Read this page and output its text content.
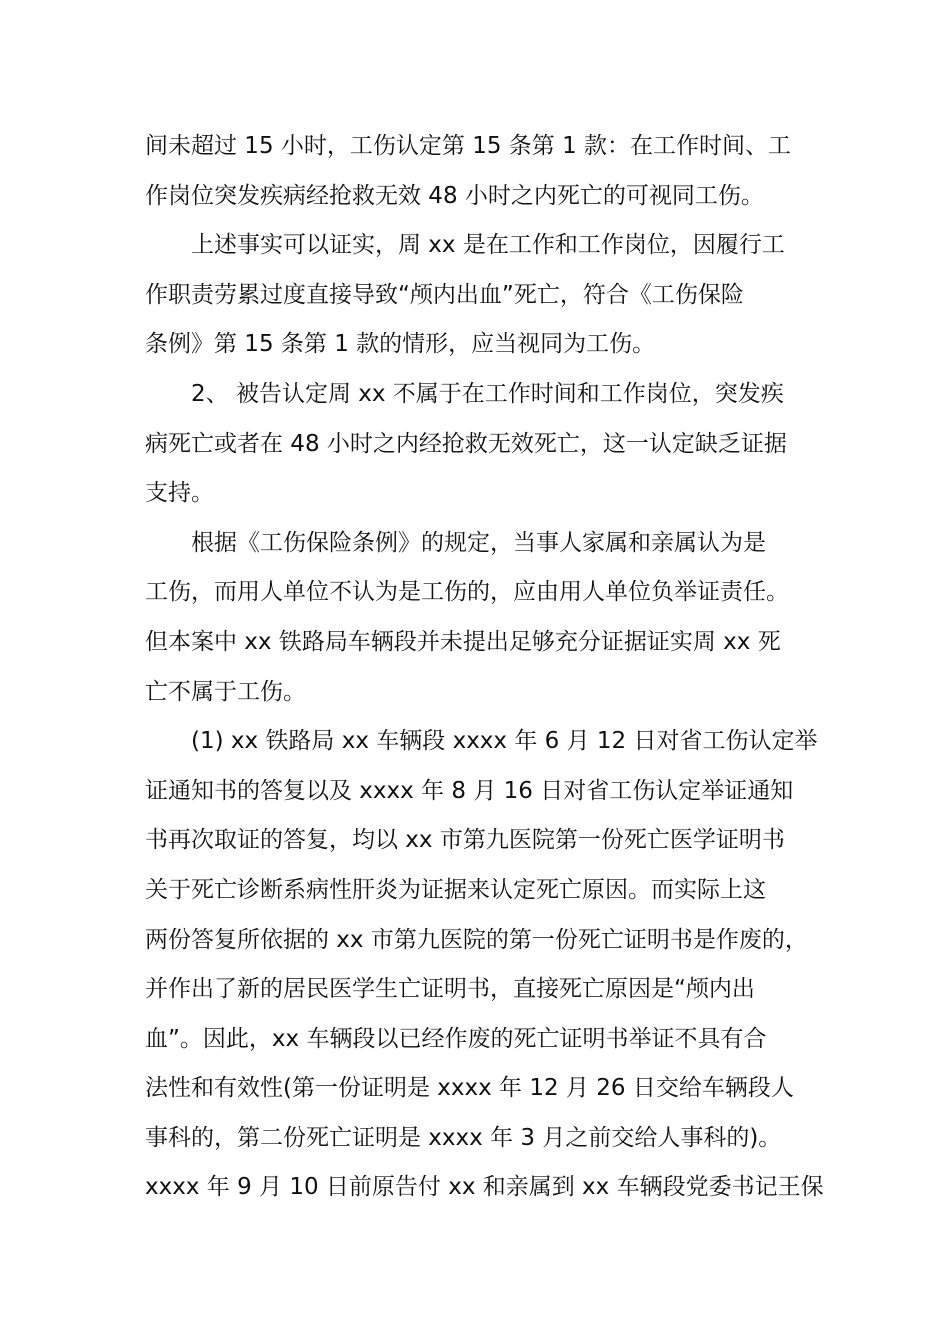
间未超过 15 小时，工伤认定第 15 条第 1 款：在工作时间、工
作岗位突发疾病经抢救无效 48 小时之内死亡的可视同工伤。
上述事实可以证实，周 xx 是在工作和工作岗位，因履行工
作职责劳累过度直接导致“颅内出血”死亡，符合《工伤保险
条例》第 15 条第 1 款的情形，应当视同为工伤。
2、 被告认定周 xx 不属于在工作时间和工作岗位，突发疾
病死亡或者在 48 小时之内经抢救无效死亡，这一认定缺乏证据
支持。
根据《工伤保险条例》的规定，当事人家属和亲属认为是
工伤，而用人单位不认为是工伤的，应由用人单位负举证责任。
但本案中 xx 铁路局车辆段并未提出足够充分证据证实周 xx 死
亡不属于工伤。
(1) xx 铁路局 xx 车辆段 xxxx 年 6 月 12 日对省工伤认定举
证通知书的答复以及 xxxx 年 8 月 16 日对省工伤认定举证通知
书再次取证的答复，均以 xx 市第九医院第一份死亡医学证明书
关于死亡诊断系病性肝炎为证据来认定死亡原因。而实际上这
两份答复所依据的 xx 市第九医院的第一份死亡证明书是作废的，
并作出了新的居民医学生亡证明书，直接死亡原因是“颅内出
血”。因此，xx 车辆段以已经作废的死亡证明书举证不具有合
法性和有效性(第一份证明是 xxxx 年 12 月 26 日交给车辆段人
事科的，第二份死亡证明是 xxxx 年 3 月之前交给人事科的)。
xxxx 年 9 月 10 日前原告付 xx 和亲属到 xx 车辆段党委书记王保
